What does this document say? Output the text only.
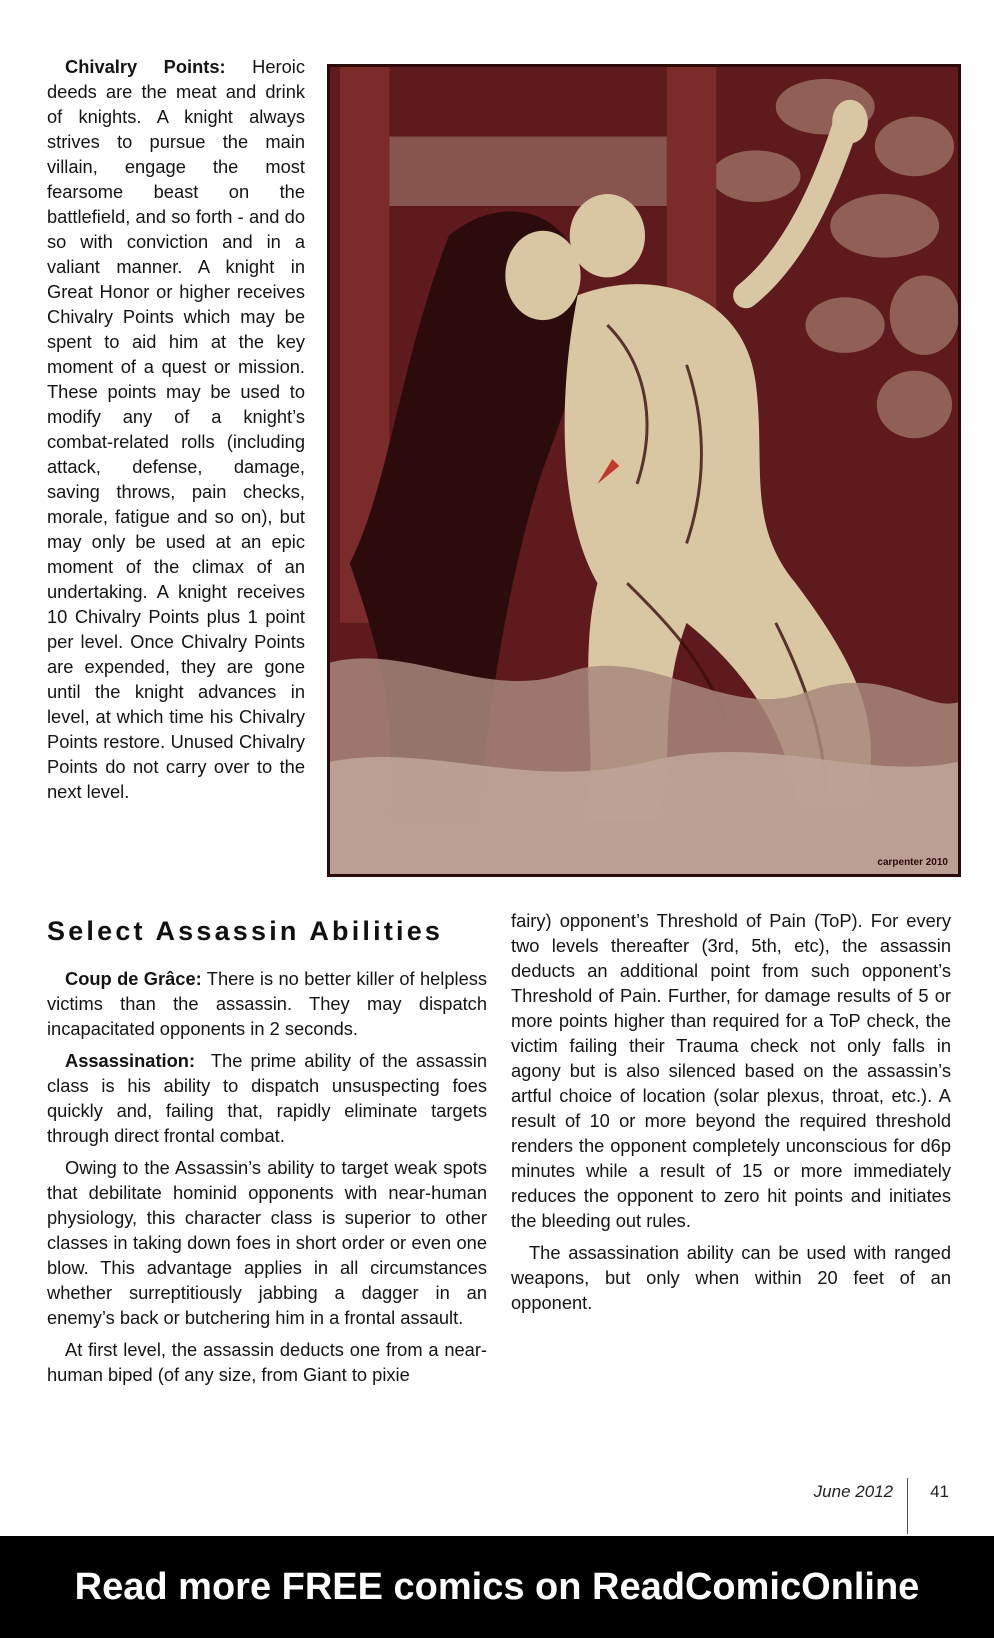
Chivalry Points: Heroic deeds are the meat and drink of knights. A knight always strives to pursue the main villain, engage the most fearsome beast on the battlefield, and so forth - and do so with conviction and in a valiant manner. A knight in Great Honor or higher receives Chivalry Points which may be spent to aid him at the key moment of a quest or mission. These points may be used to modify any of a knight’s combat-related rolls (including attack, defense, damage, saving throws, pain checks, morale, fatigue and so on), but may only be used at an epic moment of the climax of an undertaking. A knight receives 10 Chivalry Points plus 1 point per level. Once Chivalry Points are expended, they are gone until the knight advances in level, at which time his Chivalry Points restore. Unused Chivalry Points do not carry over to the next level.

carpenter 2010
Select Assassin Abilities

Coup de Grâce: There is no better killer of helpless victims than the assassin. They may dispatch incapacitated opponents in 2 seconds.

Assassination: The prime ability of the assassin class is his ability to dispatch unsuspecting foes quickly and, failing that, rapidly eliminate targets through direct frontal combat.

Owing to the Assassin’s ability to target weak spots that debilitate hominid opponents with near-human physiology, this character class is superior to other classes in taking down foes in short order or even one blow. This advantage applies in all circumstances whether surreptitiously jabbing a dagger in an enemy’s back or butchering him in a frontal assault.

At first level, the assassin deducts one from a near-human biped (of any size, from Giant to pixie

fairy) opponent’s Threshold of Pain (ToP). For every two levels thereafter (3rd, 5th, etc), the assassin deducts an additional point from such opponent’s Threshold of Pain. Further, for damage results of 5 or more points higher than required for a ToP check, the victim failing their Trauma check not only falls in agony but is also silenced based on the assassin’s artful choice of location (solar plexus, throat, etc.). A result of 10 or more beyond the required threshold renders the opponent completely unconscious for d6p minutes while a result of 15 or more immediately reduces the opponent to zero hit points and initiates the bleeding out rules.

The assassination ability can be used with ranged weapons, but only when within 20 feet of an opponent.

June 2012	41
Read more FREE comics on ReadComicOnline
